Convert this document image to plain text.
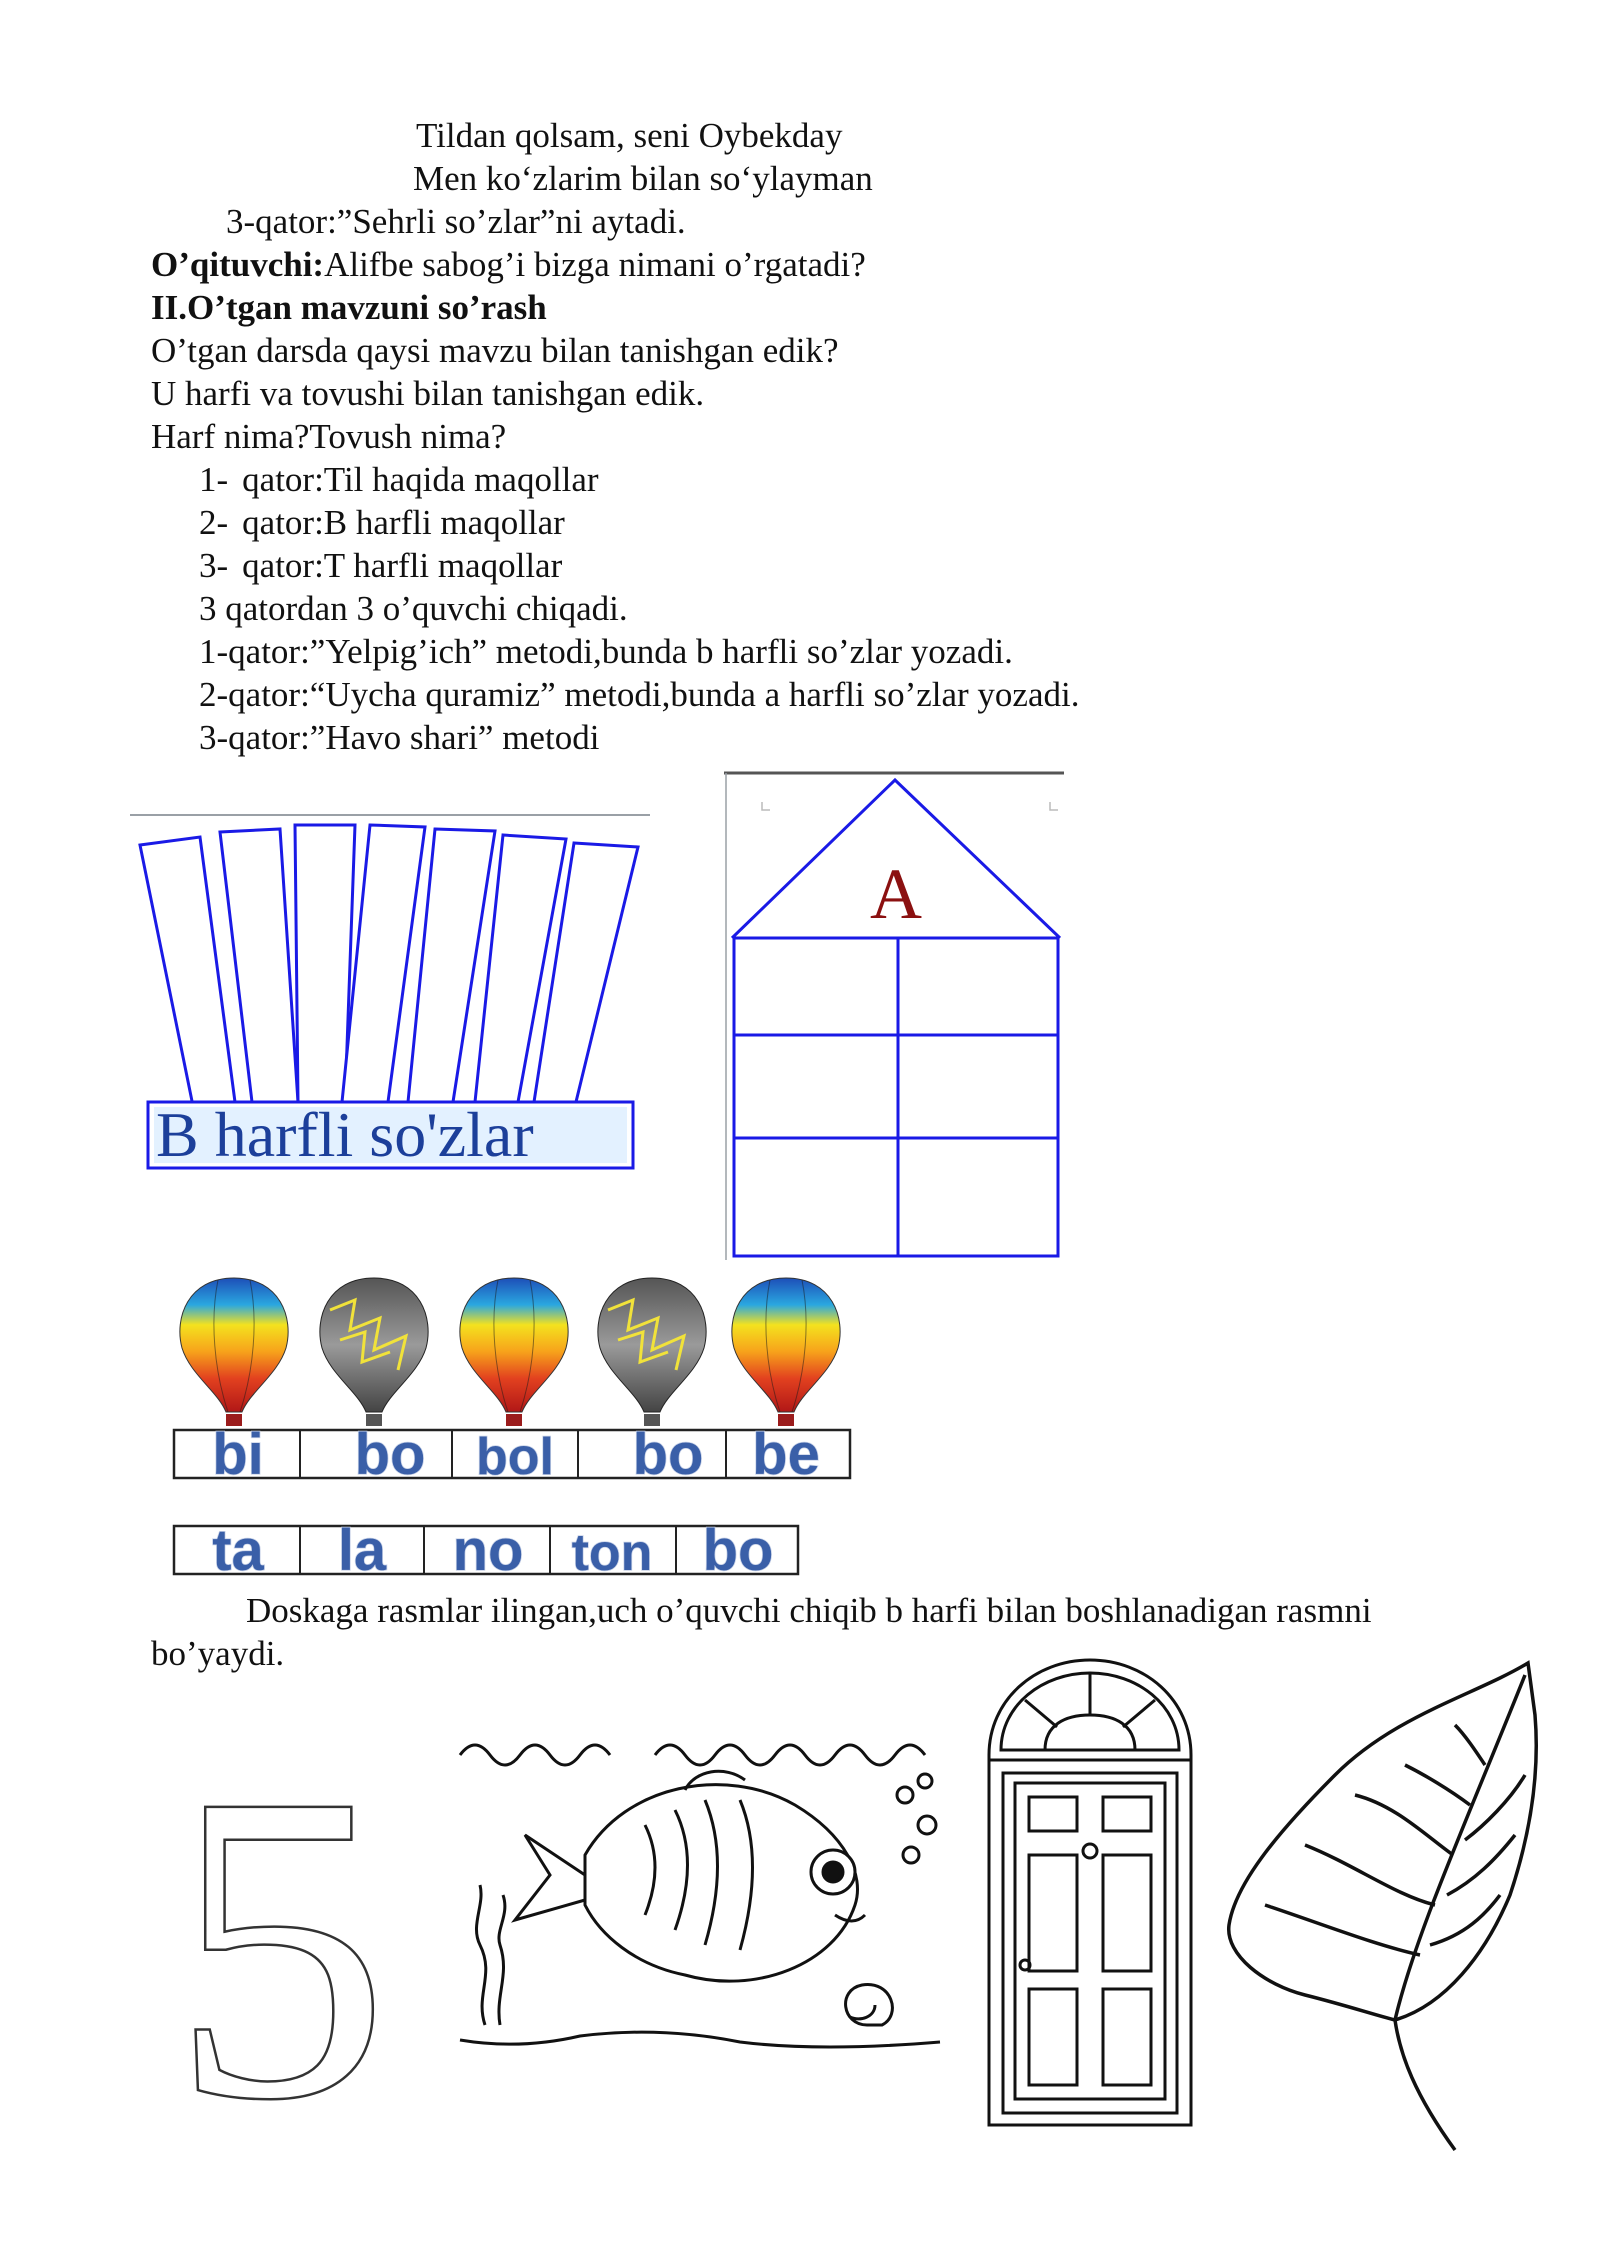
Tildan qolsam, seni Oybekday
Men ko‘zlarim bilan so‘ylayman
3-qator:”Sehrli so’zlar”ni aytadi.
O’qituvchi:Alifbe sabog’i bizga nimani o’rgatadi?
II.O’tgan mavzuni so’rash
O’tgan darsda qaysi mavzu bilan tanishgan edik?
U harfi va tovushi bilan tanishgan edik.
Harf nima?Tovush nima?
1- qator:Til haqida maqollar
2- qator:B harfli maqollar
3- qator:T harfli maqollar
3 qatordan 3 o’quvchi chiqadi.
1-qator:”Yelpig’ich” metodi,bunda b harfli so’zlar yozadi.
2-qator:“Uycha quramiz” metodi,bunda a harfli so’zlar yozadi.
3-qator:”Havo shari” metodi
B harfli so'zlar
A
bi bo bol bo be
ta la no ton bo
Doskaga rasmlar ilingan,uch o’quvchi chiqib b harfi bilan boshlanadigan rasmni
bo’yaydi.
5
